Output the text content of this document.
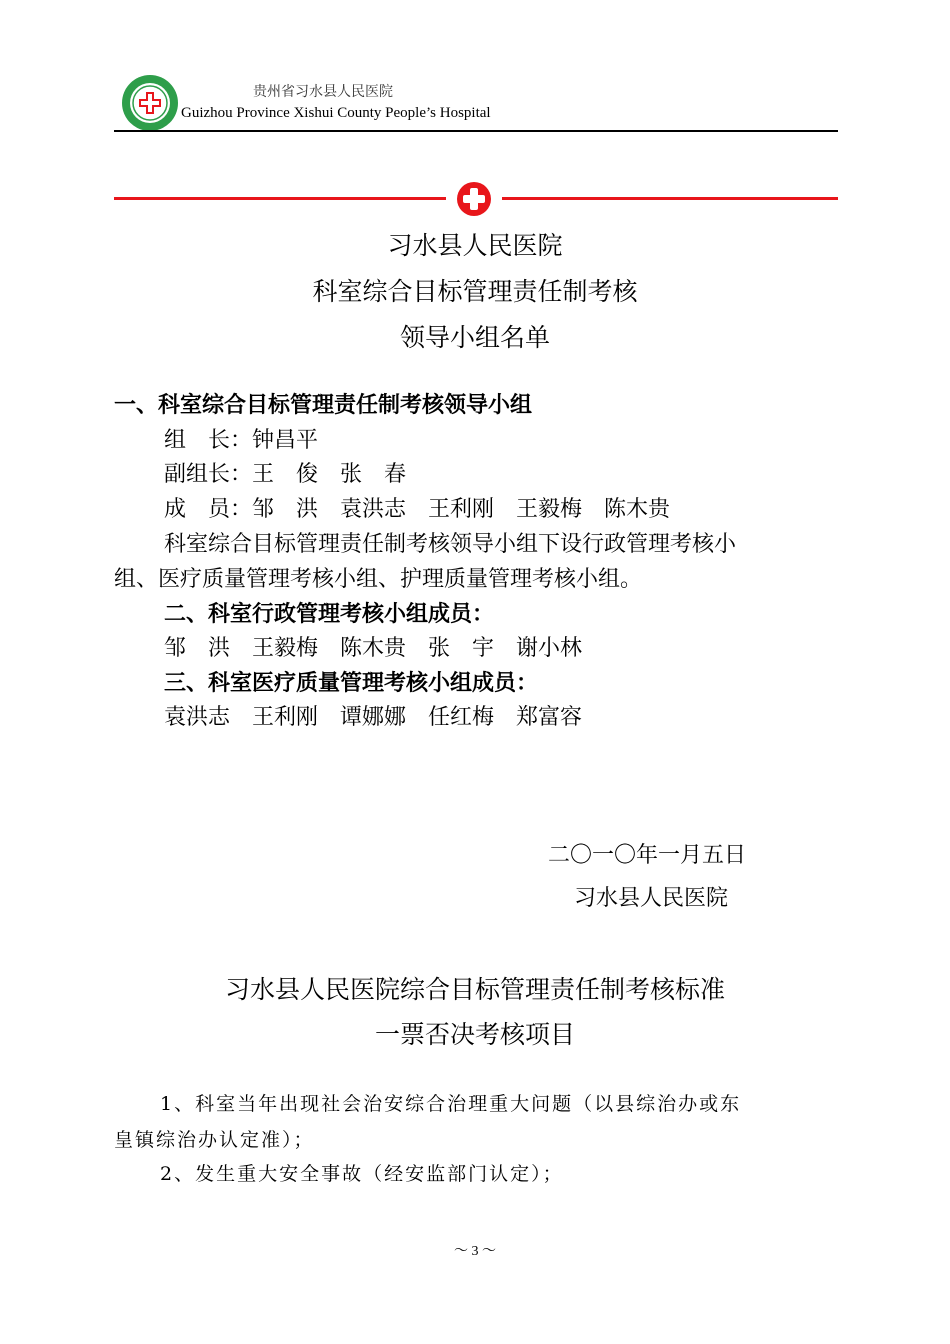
贵州省习水县人民医院
Guizhou Province Xishui County People’s Hospital
习水县人民医院
科室综合目标管理责任制考核
领导小组名单
一、科室综合目标管理责任制考核领导小组
组　长：钟昌平
副组长：王　俊　张　春
成　员：邹　洪　袁洪志　王利刚　王毅梅　陈木贵
科室综合目标管理责任制考核领导小组下设行政管理考核小
组、医疗质量管理考核小组、护理质量管理考核小组。
二、科室行政管理考核小组成员：
邹　洪　王毅梅　陈木贵　张　宇　谢小林
三、科室医疗质量管理考核小组成员：
袁洪志　王利刚　谭娜娜　任红梅　郑富容
二〇一〇年一月五日
习水县人民医院
习水县人民医院综合目标管理责任制考核标准
一票否决考核项目
1、科室当年出现社会治安综合治理重大问题（以县综治办或东
皇镇综治办认定准）；
2、发生重大安全事故（经安监部门认定）；
～ 3 ～
